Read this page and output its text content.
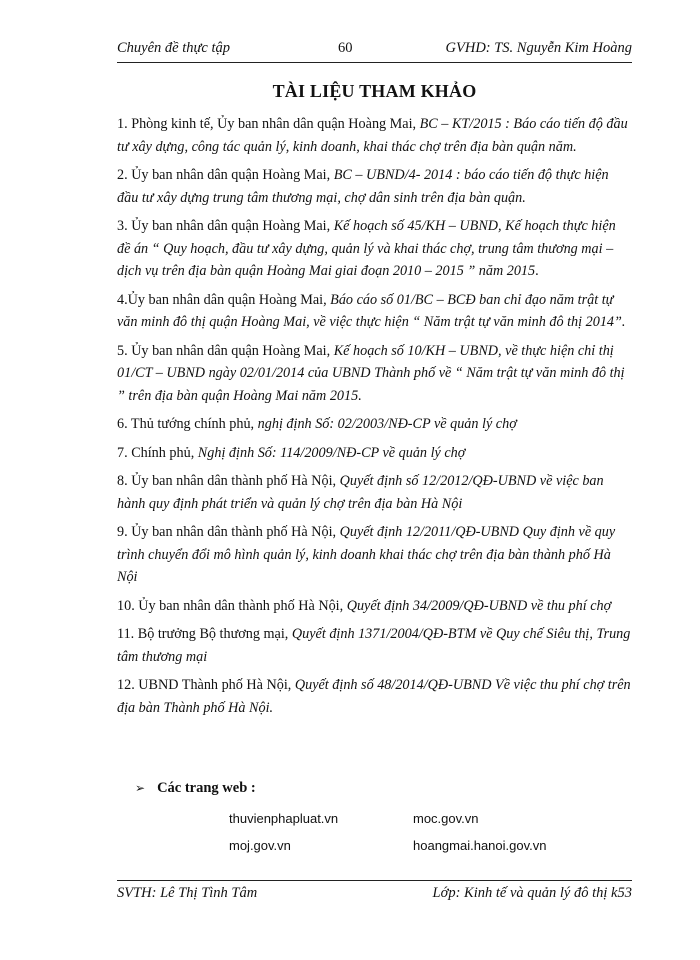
Chuyên đề thực tập	60	GVHD: TS. Nguyễn Kim Hoàng
TÀI LIỆU THAM KHẢO

1. Phòng kinh tế, Ủy ban nhân dân quận Hoàng Mai, BC – KT/2015 : Báo cáo tiến độ đầu tư xây dựng, công tác quản lý, kinh doanh, khai thác chợ trên địa bàn quận năm.

2. Ủy ban nhân dân quận Hoàng Mai, BC – UBND/4- 2014 : báo cáo tiến độ thực hiện đầu tư xây dựng trung tâm thương mại, chợ dân sinh trên địa bàn quận.

3. Ủy ban nhân dân quận Hoàng Mai, Kế hoạch số 45/KH – UBND, Kế hoạch thực hiện đề án “ Quy hoạch, đầu tư xây dựng, quản lý và khai thác chợ, trung tâm thương mại – dịch vụ trên địa bàn quận Hoàng Mai giai đoạn 2010 – 2015 ” năm 2015.

4.Ủy ban nhân dân quận Hoàng Mai, Báo cáo số 01/BC – BCĐ ban chỉ đạo năm trật tự văn minh đô thị quận Hoàng Mai, về việc thực hiện “ Năm trật tự văn minh đô thị 2014”.

5. Ủy ban nhân dân quận Hoàng Mai, Kế hoạch số 10/KH – UBND, về thực hiện chỉ thị 01/CT – UBND ngày 02/01/2014 của UBND Thành phố về “ Năm trật tự văn minh đô thị ” trên địa bàn quận Hoàng Mai năm 2015.

6. Thủ tướng chính phủ, nghị định Số: 02/2003/NĐ-CP về quản lý chợ

7. Chính phủ, Nghị định Số: 114/2009/NĐ-CP về quản lý chợ

8. Ủy ban nhân dân thành phố Hà Nội, Quyết định số 12/2012/QĐ-UBND về việc ban hành quy định phát triển và quản lý chợ trên địa bàn Hà Nội

9. Ủy ban nhân dân thành phố Hà Nội, Quyết định 12/2011/QĐ-UBND Quy định về quy trình chuyển đổi mô hình quản lý, kinh doanh khai thác chợ trên địa bàn thành phố Hà Nội

10. Ủy ban nhân dân thành phố Hà Nội, Quyết định 34/2009/QĐ-UBND về thu phí chợ

11. Bộ trưởng Bộ thương mại, Quyết định 1371/2004/QĐ-BTM về Quy chế Siêu thị, Trung tâm thương mại

12. UBND Thành phố Hà Nội, Quyết định số 48/2014/QĐ-UBND Về việc thu phí chợ trên địa bàn Thành phố Hà Nội.

➢ Các trang web :
thuvienphapluat.vn	moc.gov.vn
moj.gov.vn	hoangmai.hanoi.gov.vn
SVTH: Lê Thị Tình Tâm	Lớp: Kinh tế và quản lý đô thị k53
